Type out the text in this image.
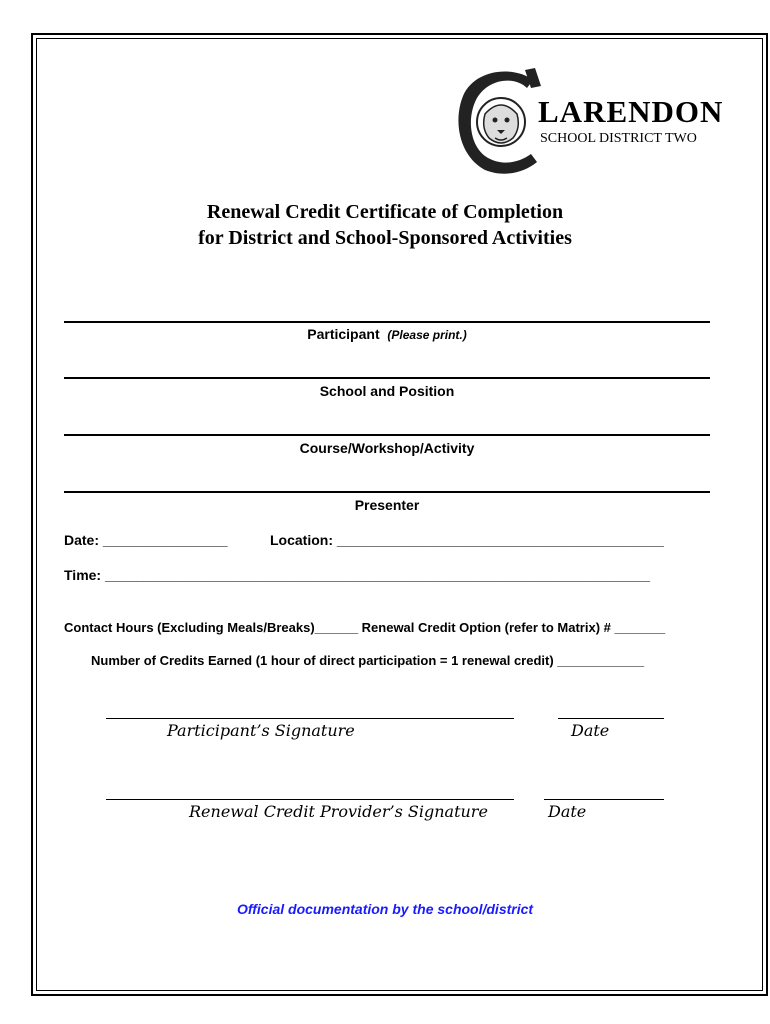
LARENDON
SCHOOL DISTRICT TWO
Renewal Credit Certificate of Completion
for District and School-Sponsored Activities
Participant (Please print.)
School and Position
Course/Workshop/Activity
Presenter
Date: ________________	Location: __________________________________________
Time: ______________________________________________________________________
Contact Hours (Excluding Meals/Breaks)______ Renewal Credit Option (refer to Matrix) # _______
Number of Credits Earned (1 hour of direct participation = 1 renewal credit) ____________
Participant’s Signature	Date
Renewal Credit Provider’s Signature	Date
Official documentation by the school/district
